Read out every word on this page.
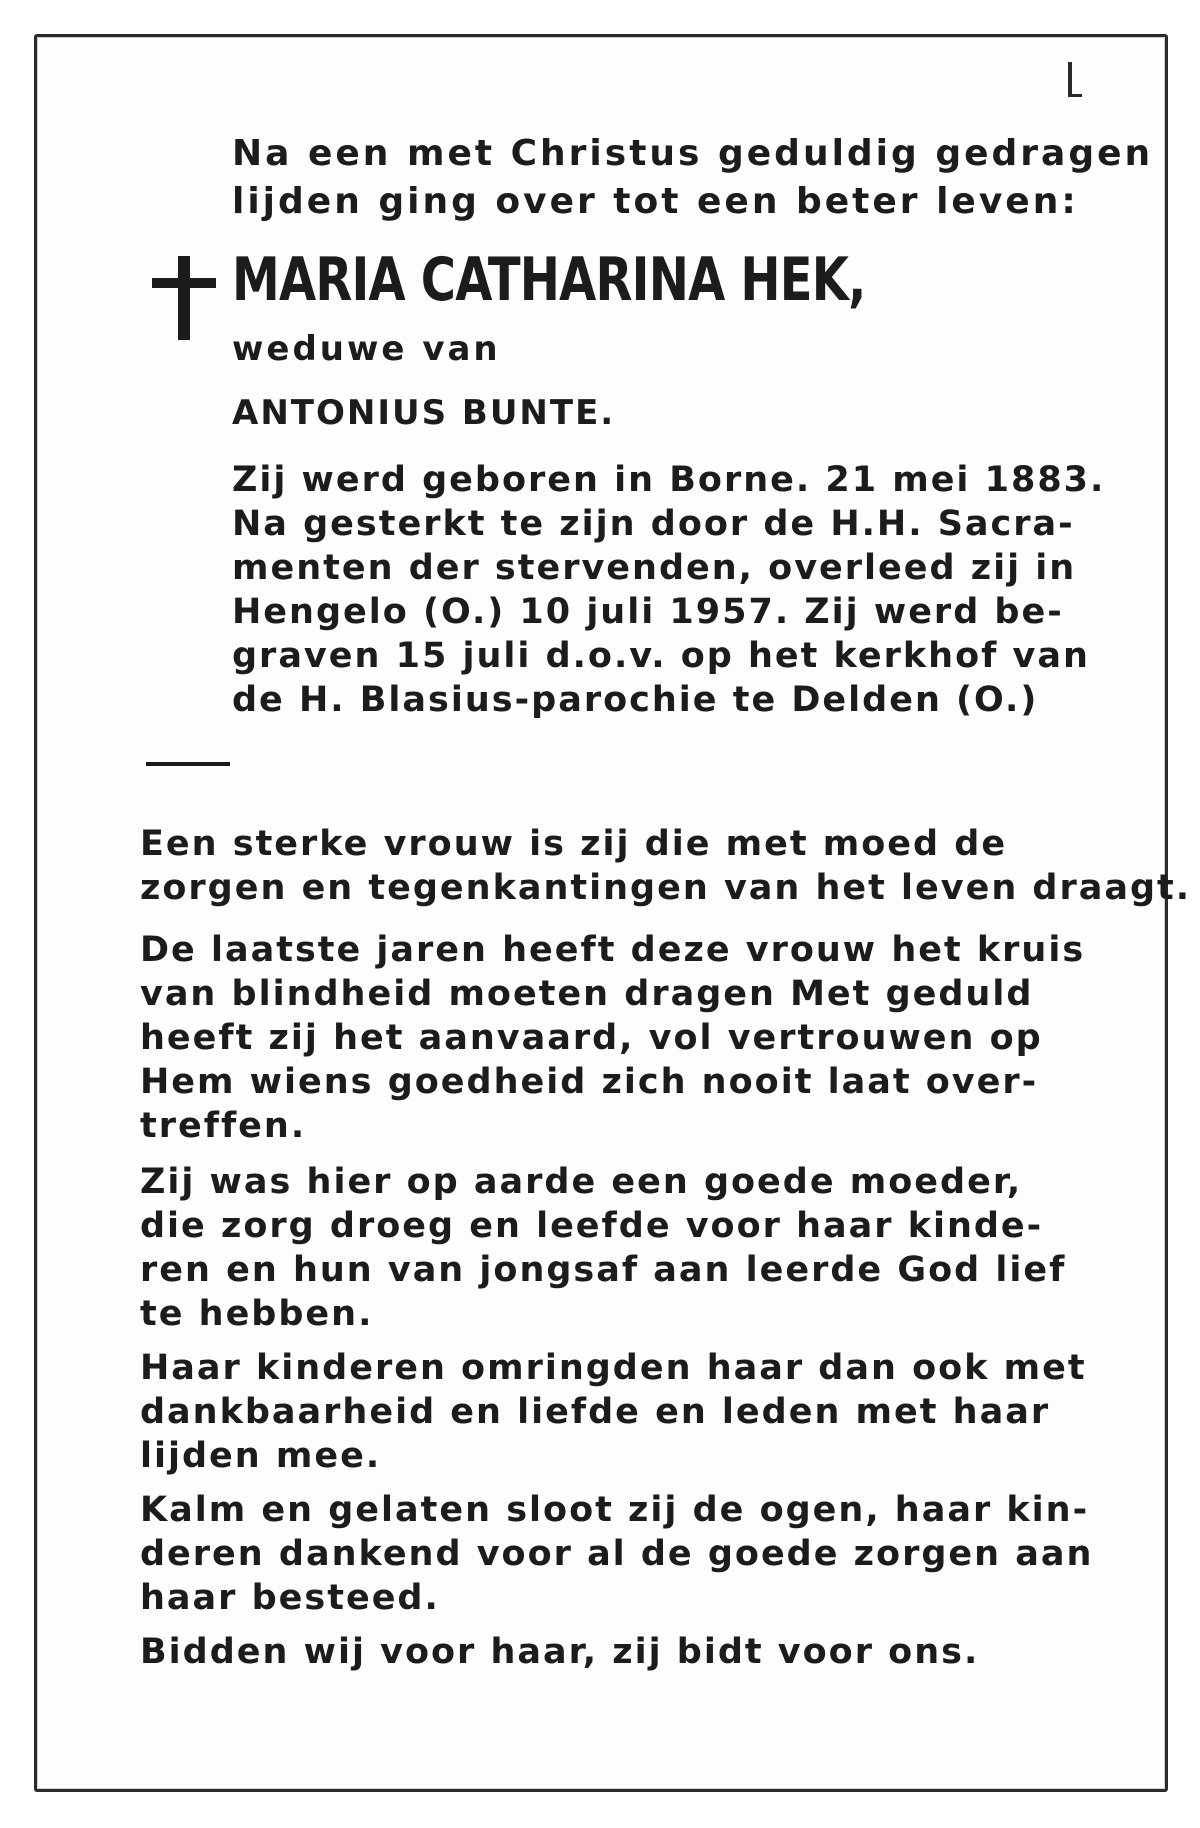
Na een met Christus geduldig gedragen
lijden ging over tot een beter leven:
MARIA CATHARINA HEK,
weduwe van
ANTONIUS BUNTE.
Zij werd geboren in Borne. 21 mei 1883.
Na gesterkt te zijn door de H.H. Sacra-
menten der stervenden, overleed zij in
Hengelo (O.) 10 juli 1957. Zij werd be-
graven 15 juli d.o.v. op het kerkhof van
de H. Blasius-parochie te Delden (O.)
Een sterke vrouw is zij die met moed de
zorgen en tegenkantingen van het leven draagt.
De laatste jaren heeft deze vrouw het kruis
van blindheid moeten dragen Met geduld
heeft zij het aanvaard, vol vertrouwen op
Hem wiens goedheid zich nooit laat over-
treffen.
Zij was hier op aarde een goede moeder,
die zorg droeg en leefde voor haar kinde-
ren en hun van jongsaf aan leerde God lief
te hebben.
Haar kinderen omringden haar dan ook met
dankbaarheid en liefde en leden met haar
lijden mee.
Kalm en gelaten sloot zij de ogen, haar kin-
deren dankend voor al de goede zorgen aan
haar besteed.
Bidden wij voor haar, zij bidt voor ons.
